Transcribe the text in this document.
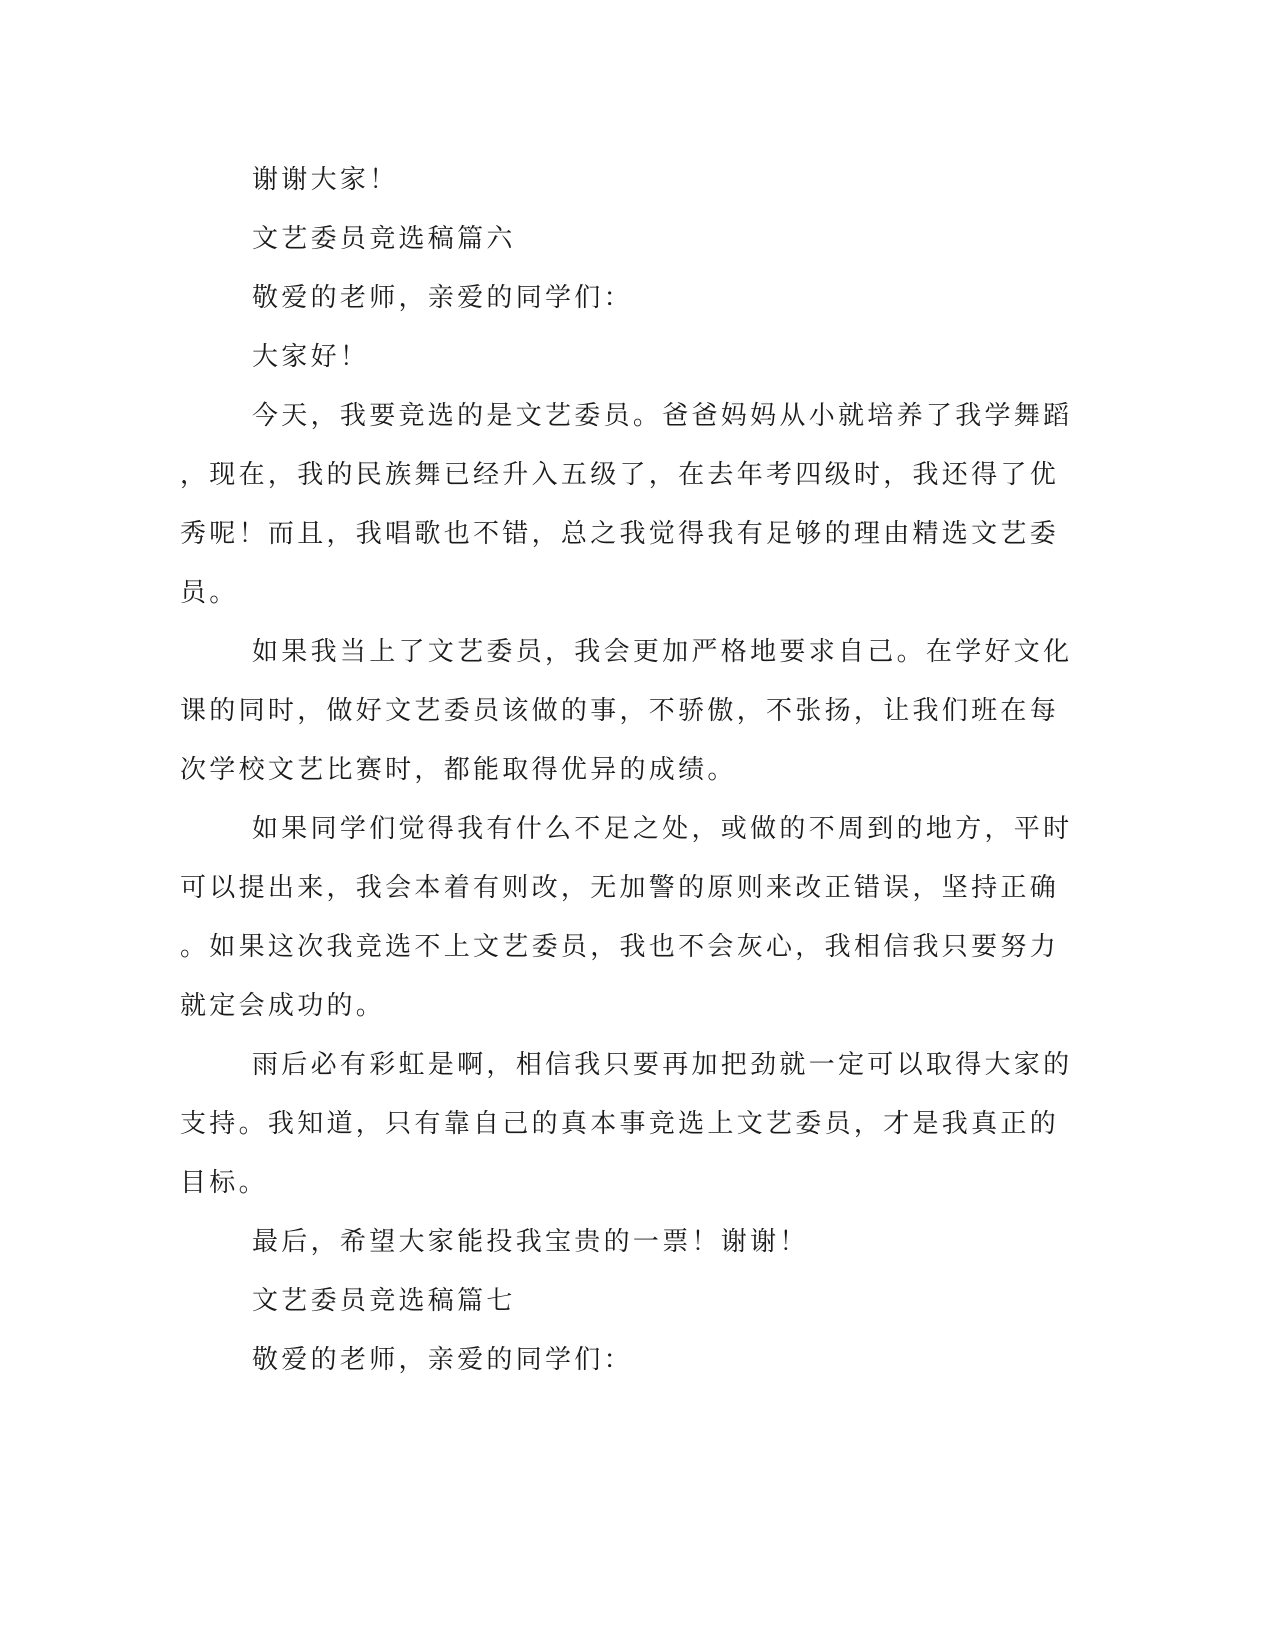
谢谢大家！
文艺委员竞选稿篇六
敬爱的老师，亲爱的同学们：
大家好！
今天，我要竞选的是文艺委员。爸爸妈妈从小就培养了我学舞蹈
，现在，我的民族舞已经升入五级了，在去年考四级时，我还得了优
秀呢！而且，我唱歌也不错，总之我觉得我有足够的理由精选文艺委
员。
如果我当上了文艺委员，我会更加严格地要求自己。在学好文化
课的同时，做好文艺委员该做的事，不骄傲，不张扬，让我们班在每
次学校文艺比赛时，都能取得优异的成绩。
如果同学们觉得我有什么不足之处，或做的不周到的地方，平时
可以提出来，我会本着有则改，无加警的原则来改正错误，坚持正确
。如果这次我竞选不上文艺委员，我也不会灰心，我相信我只要努力
就定会成功的。
雨后必有彩虹是啊，相信我只要再加把劲就一定可以取得大家的
支持。我知道，只有靠自己的真本事竞选上文艺委员，才是我真正的
目标。
最后，希望大家能投我宝贵的一票！谢谢！
文艺委员竞选稿篇七
敬爱的老师，亲爱的同学们：
